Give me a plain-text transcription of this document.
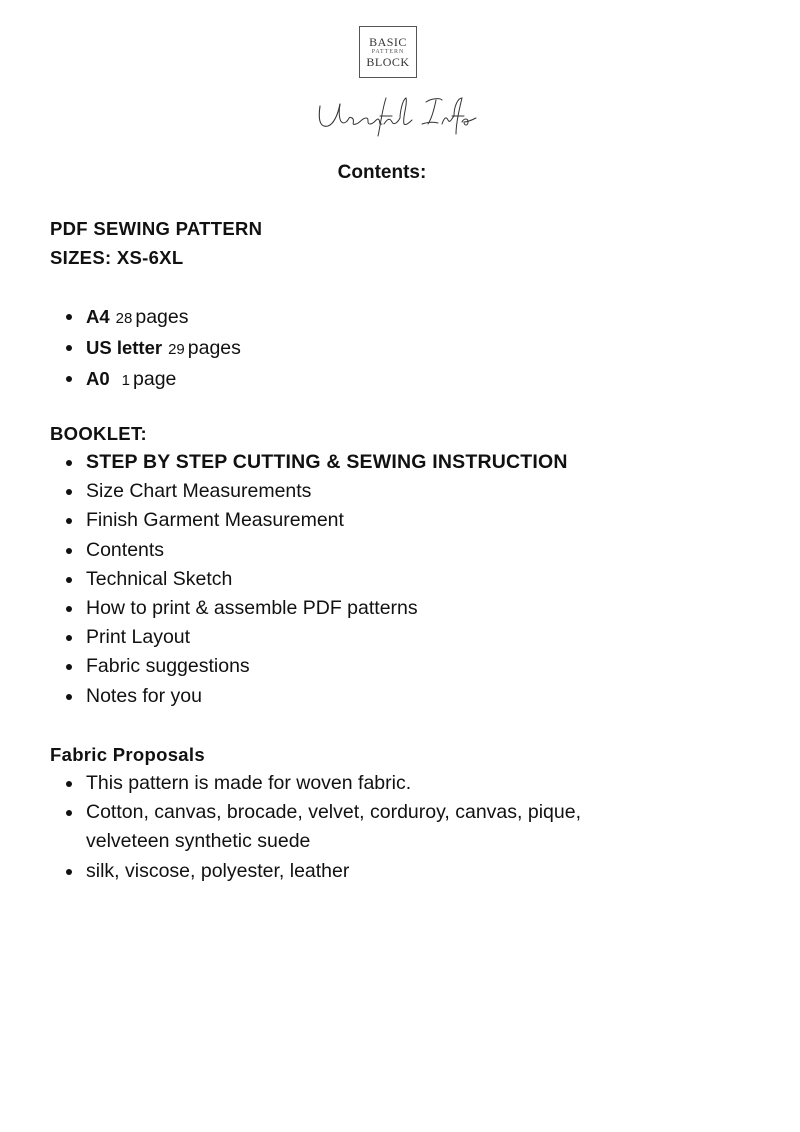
BASIC
PATTERN
BLOCK
Contents:
PDF SEWING PATTERN
SIZES: XS-6XL
A4 28 pages
US letter 29 pages
A0 1 page
BOOKLET:
STEP BY STEP CUTTING & SEWING INSTRUCTION
Size Chart Measurements
Finish Garment Measurement
Contents
Technical Sketch
How to print & assemble PDF patterns
Print Layout
Fabric suggestions
Notes for you
Fabric Proposals
This pattern is made for woven fabric.
Cotton, canvas, brocade, velvet, corduroy, canvas, pique, velveteen synthetic suede
silk, viscose, polyester, leather
